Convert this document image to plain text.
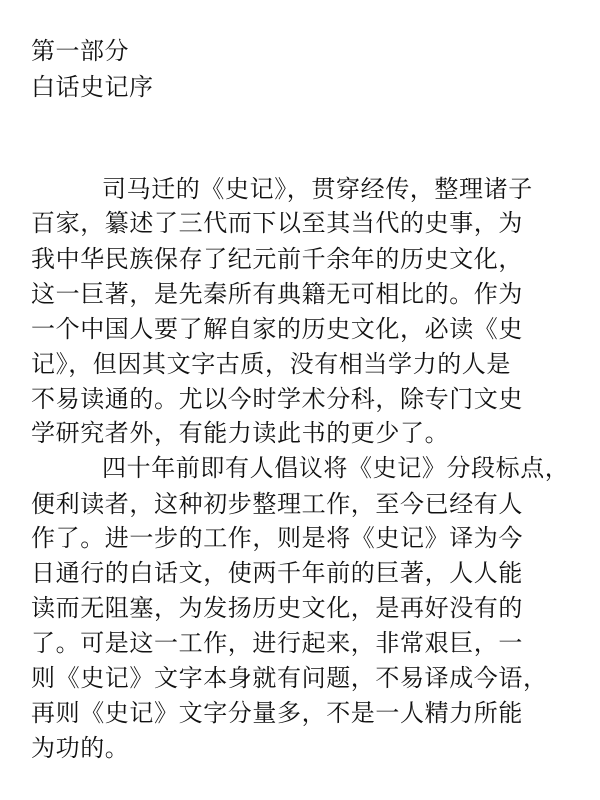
第一部分
白话史记序
司马迁的《史记》，贯穿经传，整理诸子
百家，纂述了三代而下以至其当代的史事，为
我中华民族保存了纪元前千余年的历史文化，
这一巨著，是先秦所有典籍无可相比的。作为
一个中国人要了解自家的历史文化，必读《史
记》，但因其文字古质，没有相当学力的人是
不易读通的。尤以今时学术分科，除专门文史
学研究者外，有能力读此书的更少了。
四十年前即有人倡议将《史记》分段标点，
便利读者，这种初步整理工作，至今已经有人
作了。进一步的工作，则是将《史记》译为今
日通行的白话文，使两千年前的巨著，人人能
读而无阻塞，为发扬历史文化，是再好没有的
了。可是这一工作，进行起来，非常艰巨，一
则《史记》文字本身就有问题，不易译成今语，
再则《史记》文字分量多，不是一人精力所能
为功的。
